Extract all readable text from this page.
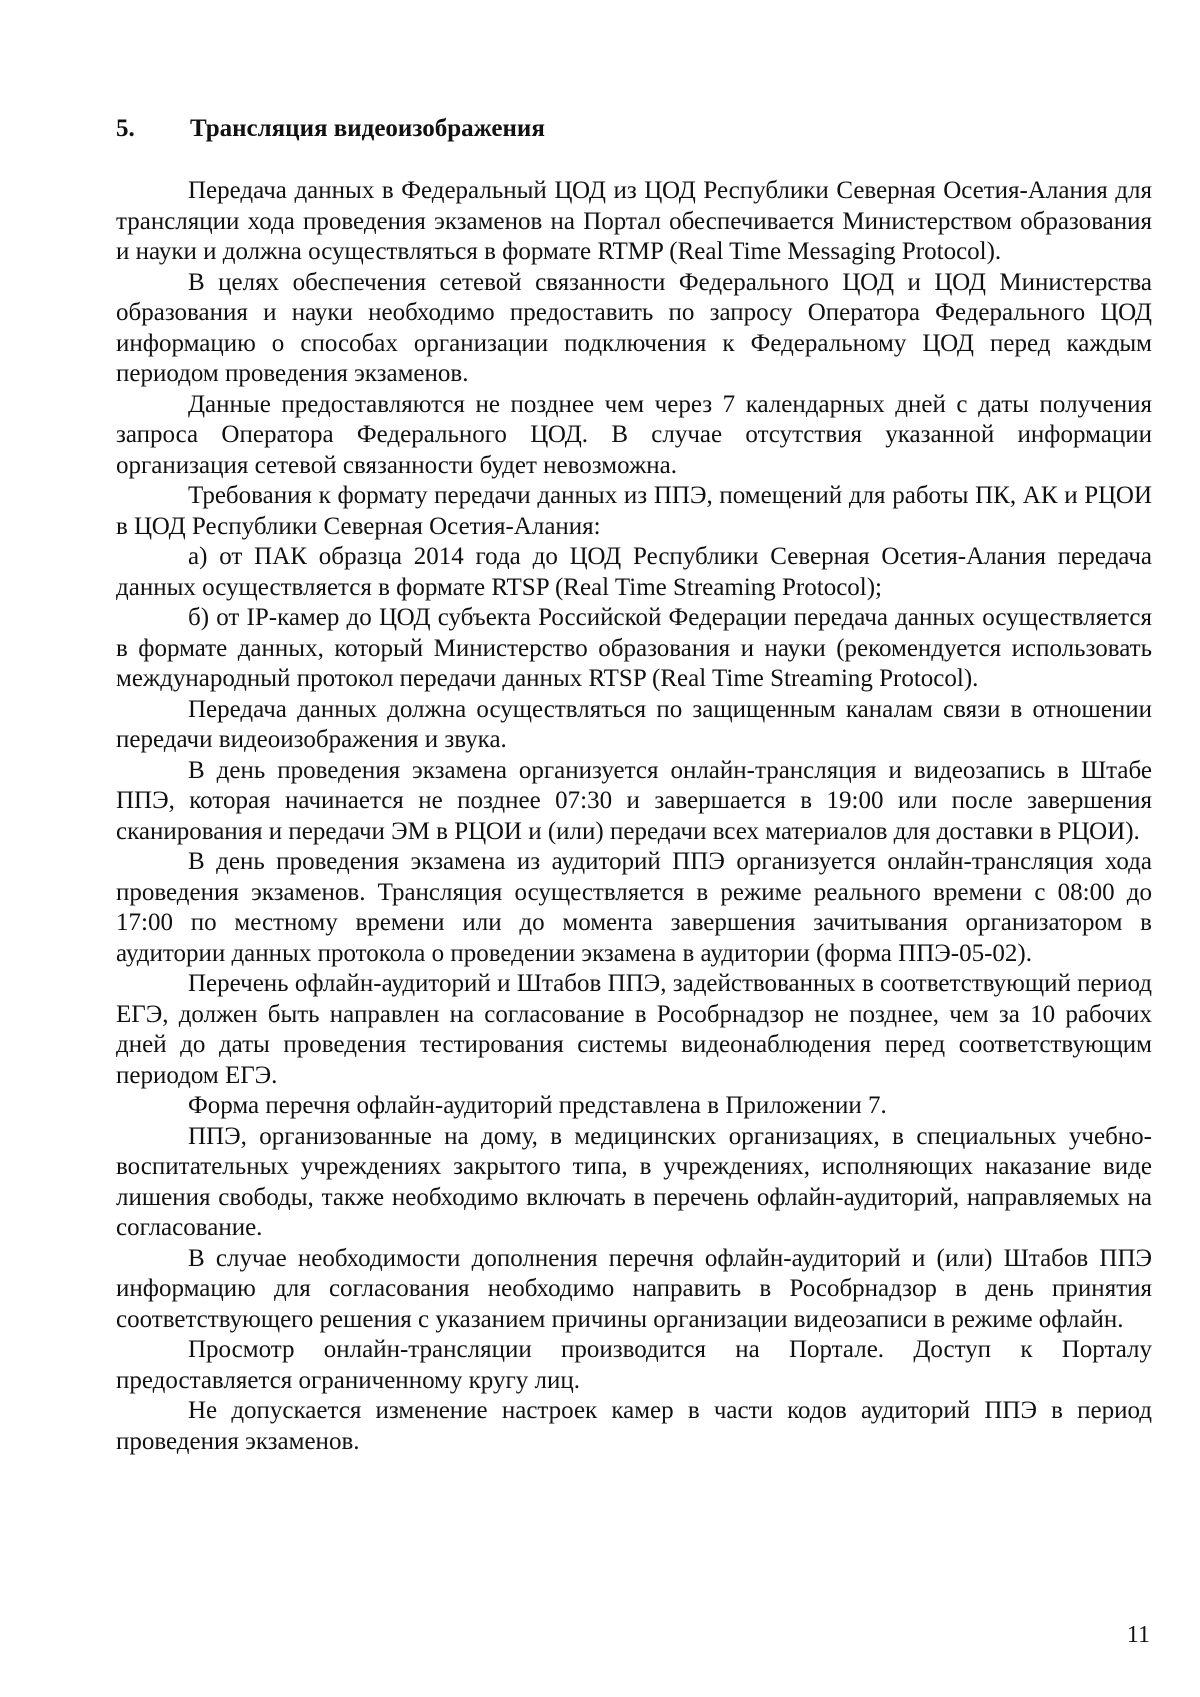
5. Трансляция видеоизображения

Передача данных в Федеральный ЦОД из ЦОД Республики Северная Осетия-Алания для трансляции хода проведения экзаменов на Портал обеспечивается Министерством образования и науки и должна осуществляться в формате RTMP (Real Time Messaging Protocol).

В целях обеспечения сетевой связанности Федерального ЦОД и ЦОД Министерства образования и науки необходимо предоставить по запросу Оператора Федерального ЦОД информацию о способах организации подключения к Федеральному ЦОД перед каждым периодом проведения экзаменов.

Данные предоставляются не позднее чем через 7 календарных дней с даты получения запроса Оператора Федерального ЦОД. В случае отсутствия указанной информации организация сетевой связанности будет невозможна.

Требования к формату передачи данных из ППЭ, помещений для работы ПК, АК и РЦОИ в ЦОД Республики Северная Осетия-Алания:

а) от ПАК образца 2014 года до ЦОД Республики Северная Осетия-Алания передача данных осуществляется в формате RTSP (Real Time Streaming Protocol);

б) от IP-камер до ЦОД субъекта Российской Федерации передача данных осуществляется в формате данных, который Министерство образования и науки (рекомендуется использовать международный протокол передачи данных RTSP (Real Time Streaming Protocol).

Передача данных должна осуществляться по защищенным каналам связи в отношении передачи видеоизображения и звука.

В день проведения экзамена организуется онлайн-трансляция и видеозапись в Штабе ППЭ, которая начинается не позднее 07:30 и завершается в 19:00 или после завершения сканирования и передачи ЭМ в РЦОИ и (или) передачи всех материалов для доставки в РЦОИ).

В день проведения экзамена из аудиторий ППЭ организуется онлайн-трансляция хода проведения экзаменов. Трансляция осуществляется в режиме реального времени с 08:00 до 17:00 по местному времени или до момента завершения зачитывания организатором в аудитории данных протокола о проведении экзамена в аудитории (форма ППЭ-05-02).

Перечень офлайн-аудиторий и Штабов ППЭ, задействованных в соответствующий период ЕГЭ, должен быть направлен на согласование в Рособрнадзор не позднее, чем за 10 рабочих дней до даты проведения тестирования системы видеонаблюдения перед соответствующим периодом ЕГЭ.

Форма перечня офлайн-аудиторий представлена в Приложении 7.

ППЭ, организованные на дому, в медицинских организациях, в специальных учебно-воспитательных учреждениях закрытого типа, в учреждениях, исполняющих наказание виде лишения свободы, также необходимо включать в перечень офлайн-аудиторий, направляемых на согласование.

В случае необходимости дополнения перечня офлайн-аудиторий и (или) Штабов ППЭ информацию для согласования необходимо направить в Рособрнадзор в день принятия соответствующего решения с указанием причины организации видеозаписи в режиме офлайн.

Просмотр онлайн-трансляции производится на Портале. Доступ к Порталу предоставляется ограниченному кругу лиц.

Не допускается изменение настроек камер в части кодов аудиторий ППЭ в период проведения экзаменов.

11
